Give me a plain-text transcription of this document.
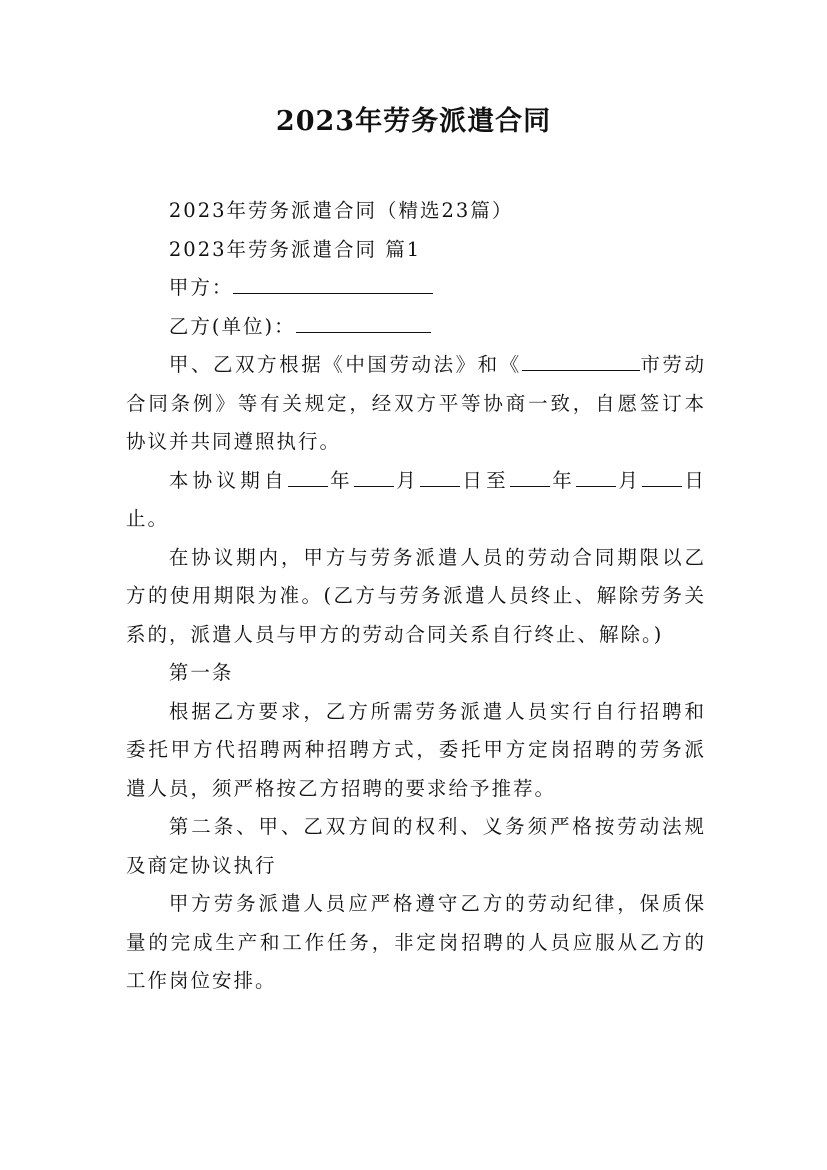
2023年劳务派遣合同

2023年劳务派遣合同（精选23篇）

2023年劳务派遣合同 篇1

甲方：

乙方(单位)：

甲、乙双方根据《中国劳动法》和《	市劳动合同条例》等有关规定，经双方平等协商一致，自愿签订本协议并共同遵照执行。

本协议期自 年 月 日至 年 月 日止。

在协议期内，甲方与劳务派遣人员的劳动合同期限以乙方的使用期限为准。(乙方与劳务派遣人员终止、解除劳务关系的，派遣人员与甲方的劳动合同关系自行终止、解除。)

第一条

根据乙方要求，乙方所需劳务派遣人员实行自行招聘和委托甲方代招聘两种招聘方式，委托甲方定岗招聘的劳务派遣人员，须严格按乙方招聘的要求给予推荐。

第二条、甲、乙双方间的权利、义务须严格按劳动法规及商定协议执行

甲方劳务派遣人员应严格遵守乙方的劳动纪律，保质保量的完成生产和工作任务，非定岗招聘的人员应服从乙方的工作岗位安排。
